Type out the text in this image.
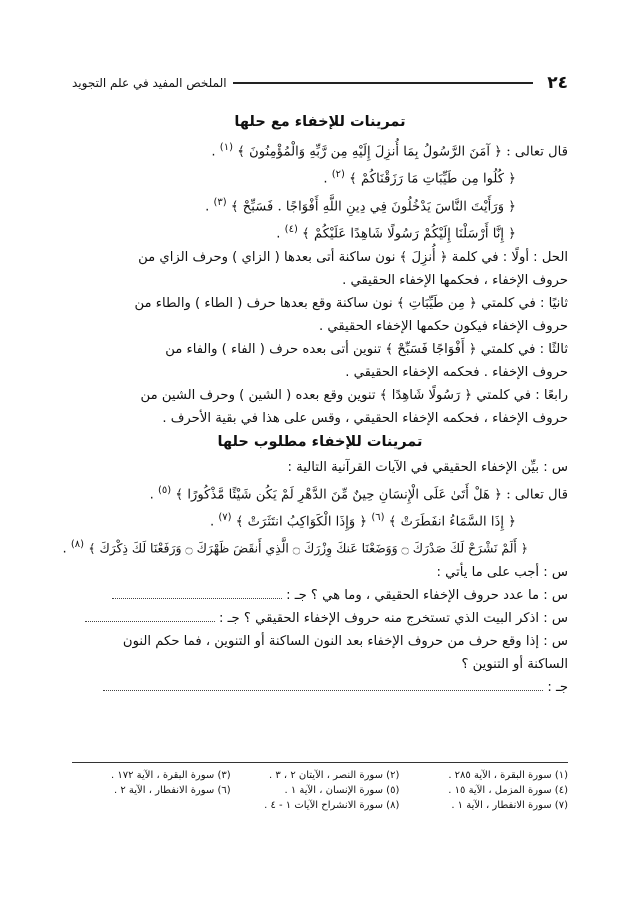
٢٤
الملخص المفيد في علم التجويد
تمرينات للإخفاء مع حلها
قال تعالى : ﴿ آمَنَ الرَّسُولُ بِمَا أُنزِلَ إِلَيْهِ مِن رَّبِّهِ وَالْمُؤْمِنُونَ ﴾ $^{(١)}$ .
﴿ كُلُوا مِن طَيِّبَاتِ مَا رَزَقْنَاكُمْ ﴾ $^{(٢)}$ .
﴿ وَرَأَيْتَ النَّاسَ يَدْخُلُونَ فِي دِينِ اللَّهِ أَفْوَاجًا . فَسَبِّحْ ﴾ $^{(٣)}$ .
﴿ إِنَّا أَرْسَلْنَا إِلَيْكُمْ رَسُولًا شَاهِدًا عَلَيْكُمْ ﴾ $^{(٤)}$ .
الحل : أولًا : في كلمة ﴿ أُنزِلَ ﴾ نون ساكنة أتى بعدها ( الزاي ) وحرف الزاي من
حروف الإخفاء ، فحكمها الإخفاء الحقيقي .
ثانيًا : في كلمتي ﴿ مِن طَيِّبَاتِ ﴾ نون ساكنة وقع بعدها حرف ( الطاء ) والطاء من
حروف الإخفاء فيكون حكمها الإخفاء الحقيقي .
ثالثًا : في كلمتي ﴿ أَفْوَاجًا فَسَبِّحْ ﴾ تنوين أتى بعده حرف ( الفاء ) والفاء من
حروف الإخفاء . فحكمه الإخفاء الحقيقي .
رابعًا : في كلمتي ﴿ رَسُولًا شَاهِدًا ﴾ تنوين وقع بعده ( الشين ) وحرف الشين من
حروف الإخفاء ، فحكمه الإخفاء الحقيقي ، وقس على هذا في بقية الأحرف .
تمرينات للإخفاء مطلوب حلها
س : بيِّن الإخفاء الحقيقي في الآيات القرآنية التالية :
قال تعالى : ﴿ هَلْ أَتَىٰ عَلَى الْإِنسَانِ حِينٌ مِّنَ الدَّهْرِ لَمْ يَكُن شَيْئًا مَّذْكُورًا ﴾ $^{(٥)}$ .
﴿ إِذَا السَّمَاءُ انفَطَرَتْ ﴾ $^{(٦)}$ ﴿ وَإِذَا الْكَوَاكِبُ انتَثَرَتْ ﴾ $^{(٧)}$ .
﴿ أَلَمْ نَشْرَحْ لَكَ صَدْرَكَ ۝ وَوَضَعْنَا عَنكَ وِزْرَكَ ۝ الَّذِي أَنقَضَ ظَهْرَكَ ۝ وَرَفَعْنَا لَكَ ذِكْرَكَ ﴾ $^{(٨)}$ .
س : أجب على ما يأتي :
س : ما عدد حروف الإخفاء الحقيقي ، وما هي ؟ جـ :
س : اذكر البيت الذي تستخرج منه حروف الإخفاء الحقيقي ؟ جـ :
س : إذا وقع حرف من حروف الإخفاء بعد النون الساكنة أو التنوين ، فما حكم النون
الساكنة أو التنوين ؟
جـ :
(١) سورة البقرة ، الآية ٢٨٥ .
(٢) سورة النصر ، الآيتان ٢ ، ٣ .
(٣) سورة البقرة ، الآية ١٧٢ .
(٤) سورة المزمل ، الآية ١٥ .
(٥) سورة الإنسان ، الآية ١ .
(٦) سورة الانفطار ، الآية ٢ .
(٧) سورة الانفطار ، الآية ١ .
(٨) سورة الانشراح الآيات ١ - ٤ .
